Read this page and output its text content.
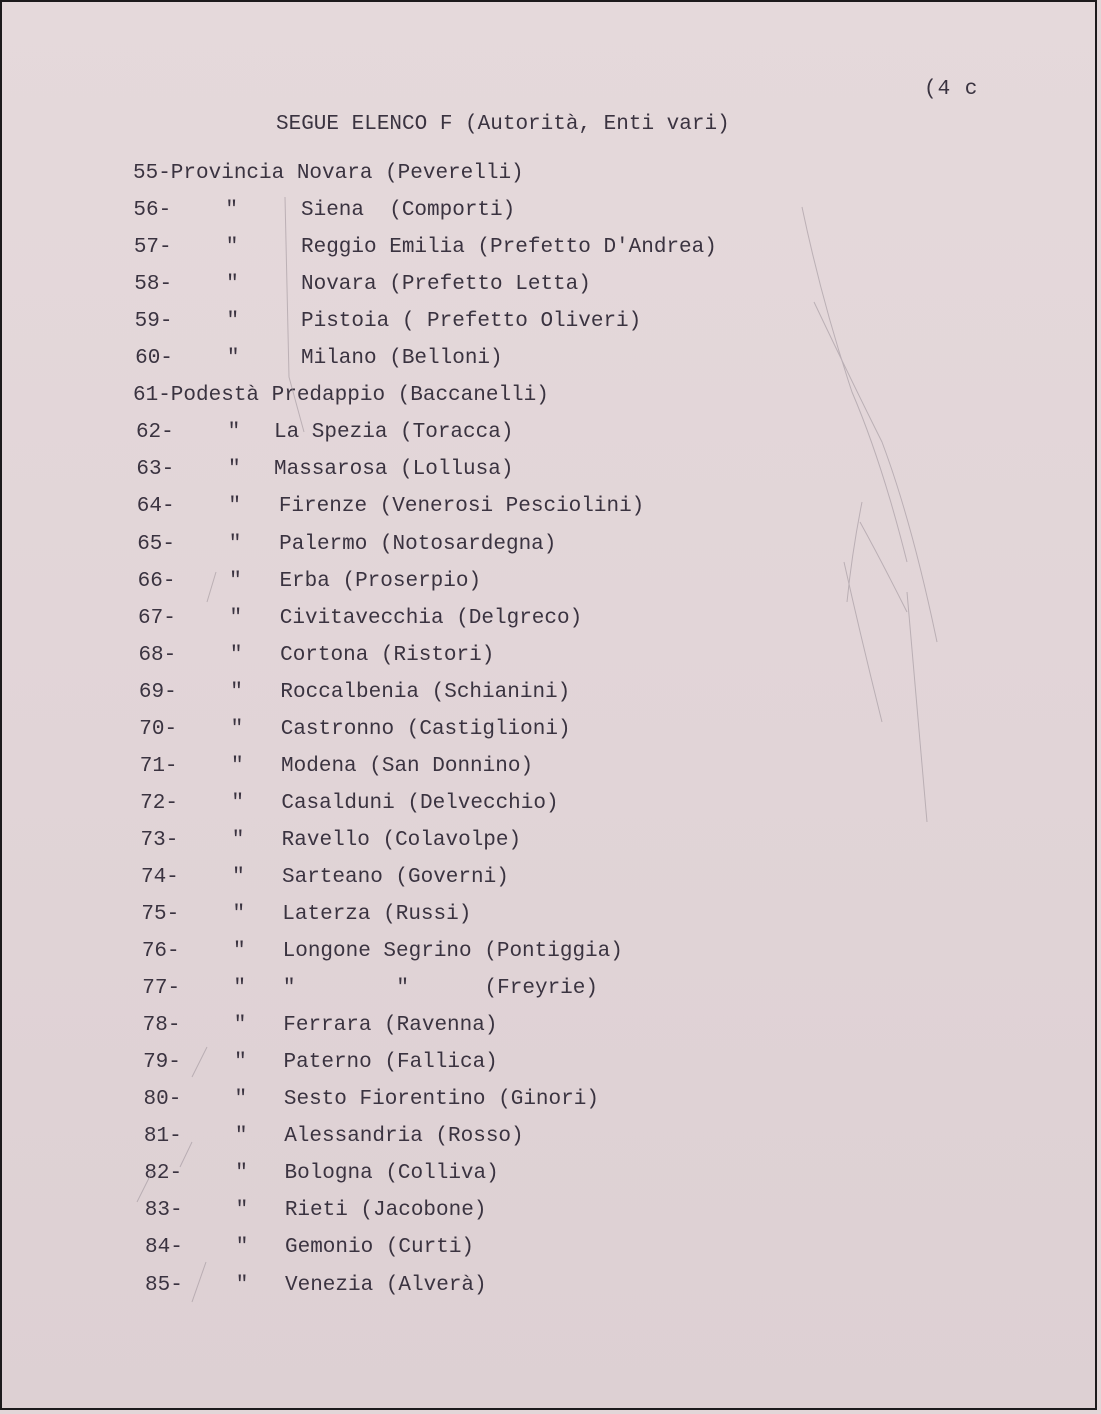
(4 c
SEGUE ELENCO F (Autorità, Enti vari)
55-Provincia Novara (Peverelli)
56-	"	Siena  (Comporti)
57-	"	Reggio Emilia (Prefetto D'Andrea)
58-	"	Novara (Prefetto Letta)
59-	"	Pistoia ( Prefetto Oliveri)
60-	"	Milano (Belloni)
61-Podestà Predappio (Baccanelli)
62-	" La Spezia (Toracca)
63-	" Massarosa (Lollusa)
64-	" Firenze (Venerosi Pesciolini)
65-	" Palermo (Notosardegna)
66-	" Erba (Proserpio)
67-	" Civitavecchia (Delgreco)
68-	" Cortona (Ristori)
69-	" Roccalbenia (Schianini)
70-	" Castronno (Castiglioni)
71-	" Modena (San Donnino)
72-	" Casalduni (Delvecchio)
73-	" Ravello (Colavolpe)
74-	" Sarteano (Governi)
75-	" Laterza (Russi)
76-	" Longone Segrino (Pontiggia)
77-	" "        "      (Freyrie)
78-	" Ferrara (Ravenna)
79-	" Paterno (Fallica)
80-	" Sesto Fiorentino (Ginori)
81-	" Alessandria (Rosso)
82-	" Bologna (Colliva)
83-	" Rieti (Jacobone)
84-	" Gemonio (Curti)
85-	" Venezia (Alverà)
